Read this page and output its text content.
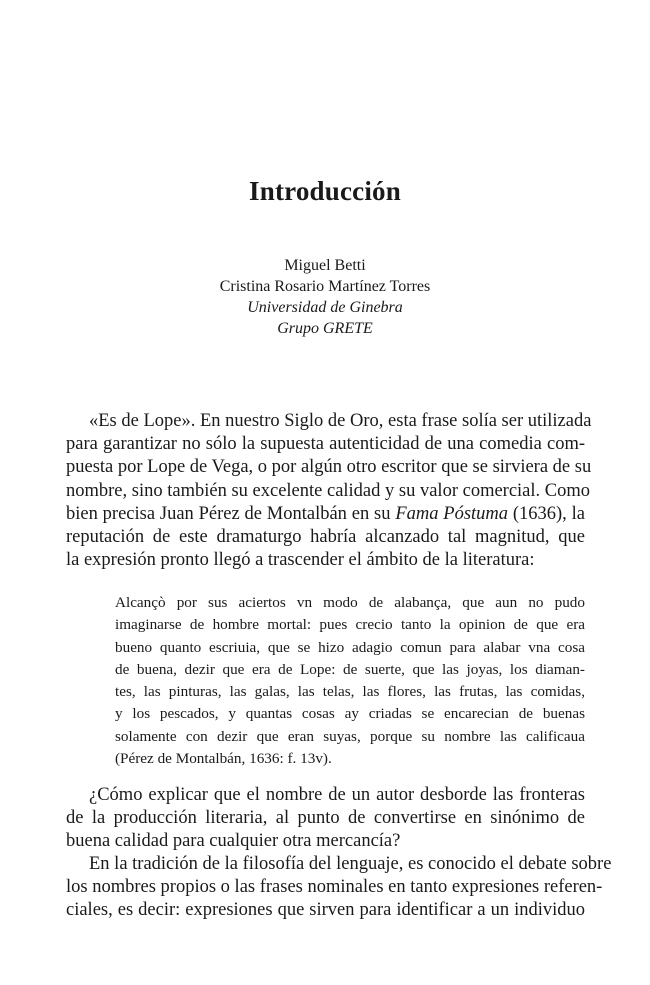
Introducción
Miguel Betti
Cristina Rosario Martínez Torres
Universidad de Ginebra
Grupo GRETE
«Es de Lope». En nuestro Siglo de Oro, esta frase solía ser utilizada
para garantizar no sólo la supuesta autenticidad de una comedia com-
puesta por Lope de Vega, o por algún otro escritor que se sirviera de su
nombre, sino también su excelente calidad y su valor comercial. Como
bien precisa Juan Pérez de Montalbán en su Fama Póstuma (1636), la
reputación de este dramaturgo habría alcanzado tal magnitud, que
la expresión pronto llegó a trascender el ámbito de la literatura:
Alcançò por sus aciertos vn modo de alabança, que aun no pudo
imaginarse de hombre mortal: pues crecio tanto la opinion de que era
bueno quanto escriuia, que se hizo adagio comun para alabar vna cosa
de buena, dezir que era de Lope: de suerte, que las joyas, los diaman-
tes, las pinturas, las galas, las telas, las flores, las frutas, las comidas,
y los pescados, y quantas cosas ay criadas se encarecian de buenas
solamente con dezir que eran suyas, porque su nombre las calificaua
(Pérez de Montalbán, 1636: f. 13v).
¿Cómo explicar que el nombre de un autor desborde las fronteras
de la producción literaria, al punto de convertirse en sinónimo de
buena calidad para cualquier otra mercancía?
En la tradición de la filosofía del lenguaje, es conocido el debate sobre
los nombres propios o las frases nominales en tanto expresiones referen-
ciales, es decir: expresiones que sirven para identificar a un individuo
